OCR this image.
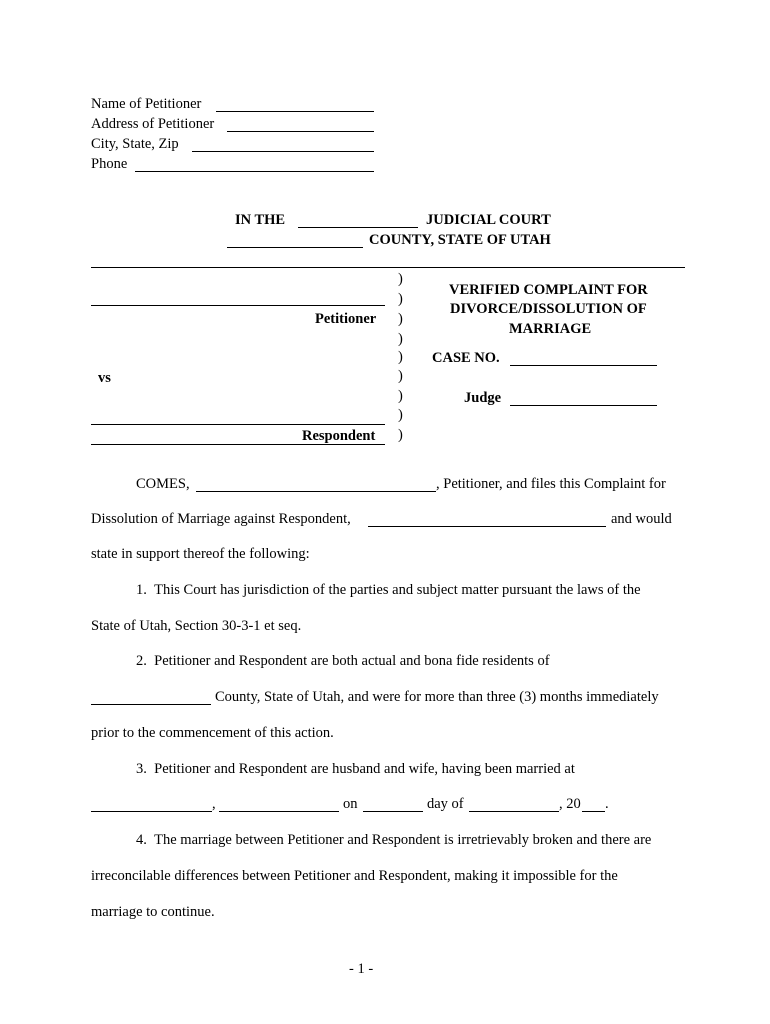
Name of Petitioner
Address of Petitioner
City, State, Zip
Phone
IN THE	JUDICIAL COURT
COUNTY, STATE OF UTAH
Petitioner
vs
Respondent
)
)
)
)
)
)
)
)
)
VERIFIED COMPLAINT FOR
DIVORCE/DISSOLUTION OF
MARRIAGE
CASE NO.
Judge
COMES,	, Petitioner, and files this Complaint for
Dissolution of Marriage against Respondent,	and would
state in support thereof the following:
1.  This Court has jurisdiction of the parties and subject matter pursuant the laws of the
State of Utah, Section 30-3-1 et seq.
2.  Petitioner and Respondent are both actual and bona fide residents of
County, State of Utah, and were for more than three (3) months immediately
prior to the commencement of this action.
3.  Petitioner and Respondent are husband and wife, having been married at
,	on	day of	, 20 .
4.  The marriage between Petitioner and Respondent is irretrievably broken and there are
irreconcilable differences between Petitioner and Respondent, making it impossible for the
marriage to continue.
- 1 -
